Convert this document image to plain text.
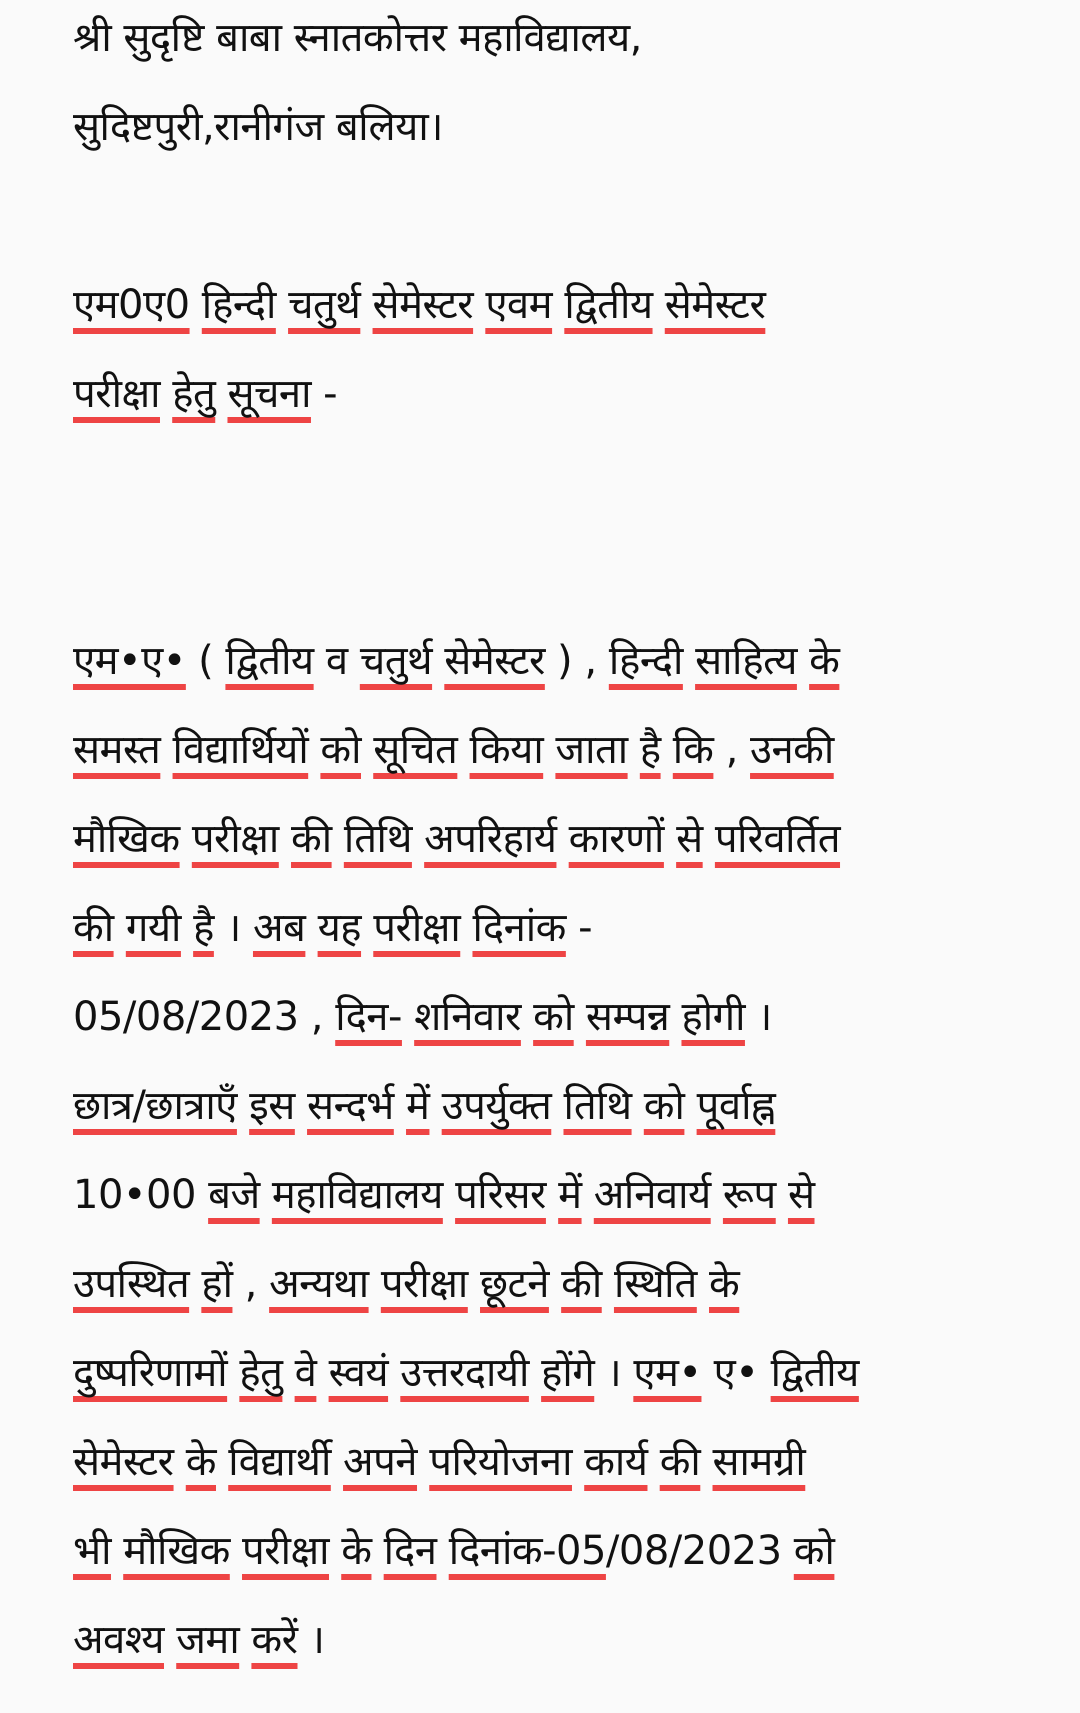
श्री सुदृष्टि बाबा स्नातकोत्तर महाविद्यालय,
सुदिष्टपुरी,रानीगंज बलिया।
एम0ए0 हिन्दी चतुर्थ सेमेस्टर एवम द्वितीय सेमेस्टर
परीक्षा हेतु सूचना -
एम•ए• ( द्वितीय व चतुर्थ सेमेस्टर ) , हिन्दी साहित्य के
समस्त विद्यार्थियों को सूचित किया जाता है कि , उनकी
मौखिक परीक्षा की तिथि अपरिहार्य कारणों से परिवर्तित
की गयी है । अब यह परीक्षा दिनांक -
05/08/2023 , दिन- शनिवार को सम्पन्न होगी ।
छात्र/छात्राएँ इस सन्दर्भ में उपर्युक्त तिथि को पूर्वाह्न
10•00 बजे महाविद्यालय परिसर में अनिवार्य रूप से
उपस्थित हों , अन्यथा परीक्षा छूटने की स्थिति के
दुष्परिणामों हेतु वे स्वयं उत्तरदायी होंगे । एम• ए• द्वितीय
सेमेस्टर के विद्यार्थी अपने परियोजना कार्य की सामग्री
भी मौखिक परीक्षा के दिन दिनांक-05/08/2023 को
अवश्य जमा करें ।
